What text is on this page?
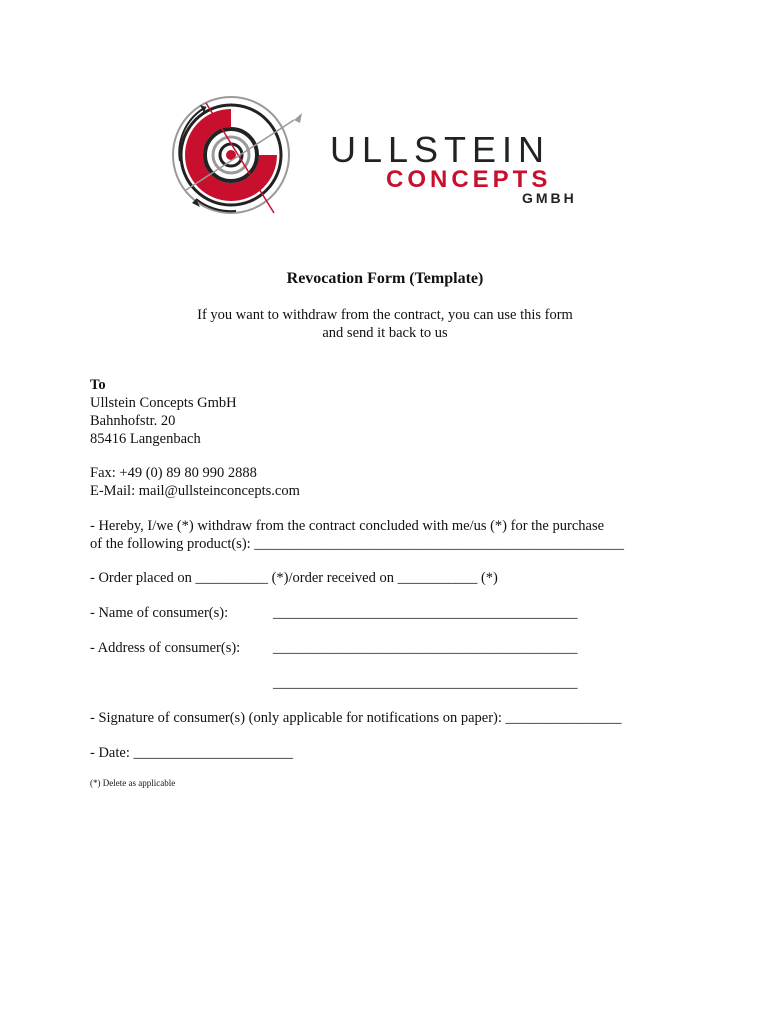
ULLSTEIN
CONCEPTS
GMBH
Revocation Form (Template)
If you want to withdraw from the contract, you can use this form
and send it back to us
To
Ullstein Concepts GmbH
Bahnhofstr. 20
85416 Langenbach
Fax: +49 (0) 89 80 990 2888
E-Mail: mail@ullsteinconcepts.com
- Hereby, I/we (*) withdraw from the contract concluded with me/us (*) for the purchase
of the following product(s): ___________________________________________________
- Order placed on __________ (*)/order received on ___________ (*)
- Name of consumer(s):	__________________________________________
- Address of consumer(s): __________________________________________
__________________________________________
- Signature of consumer(s) (only applicable for notifications on paper): ________________
- Date: ______________________
(*) Delete as applicable
